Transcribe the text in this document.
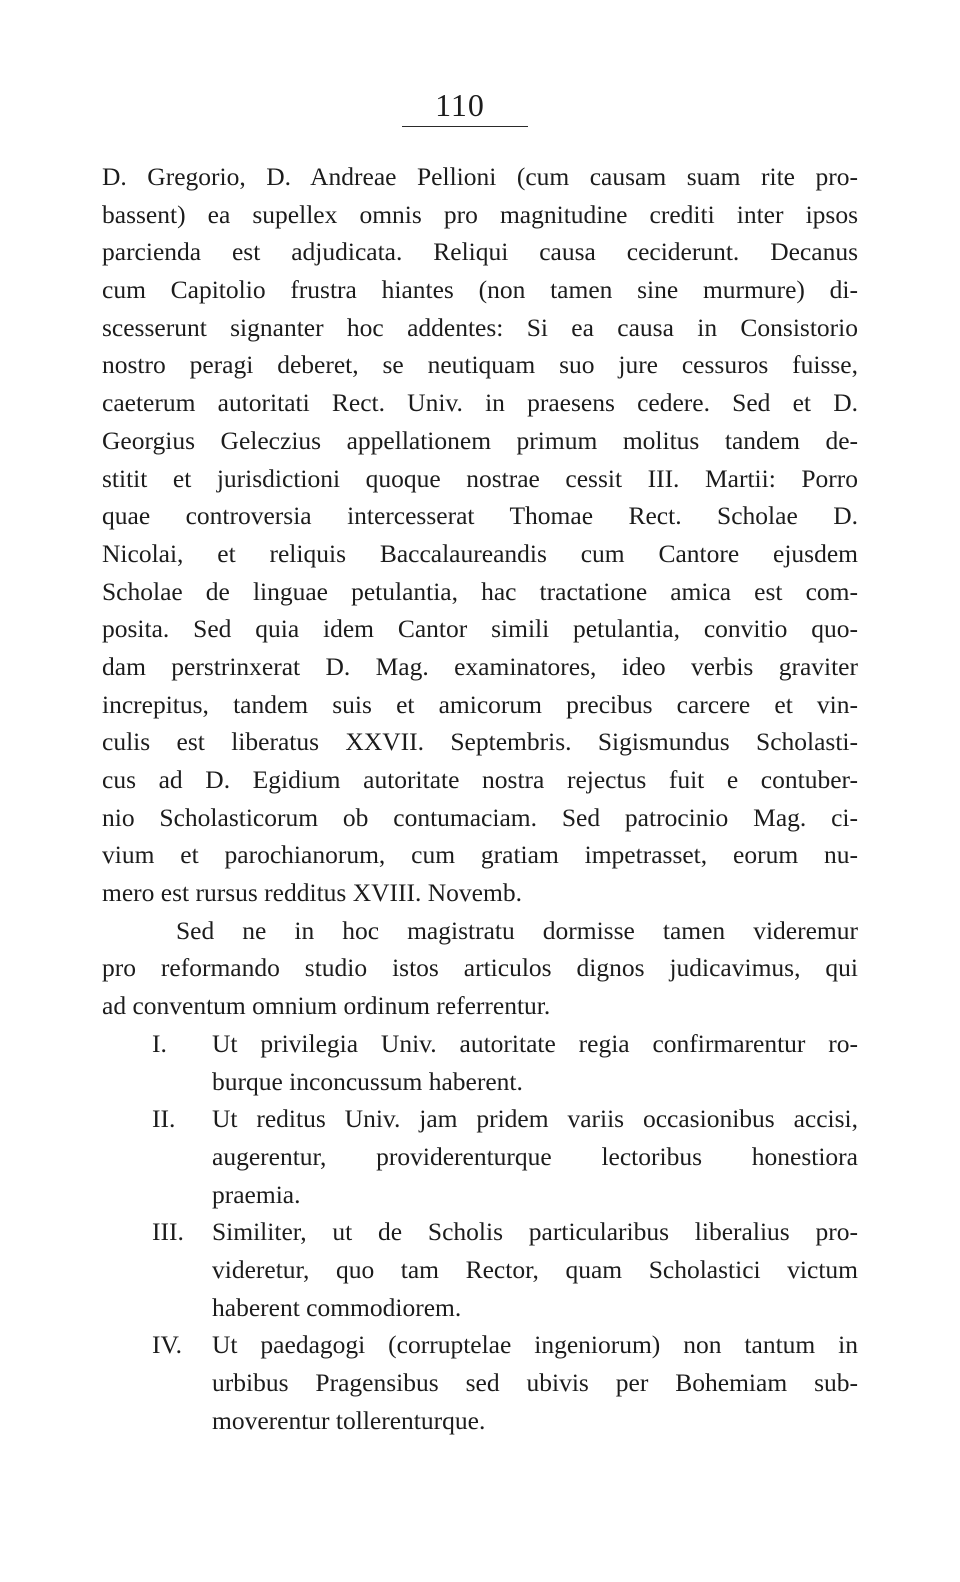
110
D. Gregorio, D. Andreae Pellioni (cum causam suam rite pro-
bassent) ea supellex omnis pro magnitudine crediti inter ipsos
parcienda est adjudicata. Reliqui causa ceciderunt. Decanus
cum Capitolio frustra hiantes (non tamen sine murmure) di-
scesserunt signanter hoc addentes: Si ea causa in Consistorio
nostro peragi deberet, se neutiquam suo jure cessuros fuisse,
caeterum autoritati Rect. Univ. in praesens cedere. Sed et D.
Georgius Geleczius appellationem primum molitus tandem de-
stitit et jurisdictioni quoque nostrae cessit III. Martii: Porro
quae controversia intercesserat Thomae Rect. Scholae D.
Nicolai, et reliquis Baccalaureandis cum Cantore ejusdem
Scholae de linguae petulantia, hac tractatione amica est com-
posita. Sed quia idem Cantor simili petulantia, convitio quo-
dam perstrinxerat D. Mag. examinatores, ideo verbis graviter
increpitus, tandem suis et amicorum precibus carcere et vin-
culis est liberatus XXVII. Septembris. Sigismundus Scholasti-
cus ad D. Egidium autoritate nostra rejectus fuit e contuber-
nio Scholasticorum ob contumaciam. Sed patrocinio Mag. ci-
vium et parochianorum, cum gratiam impetrasset, eorum nu-
mero est rursus redditus XVIII. Novemb.
Sed ne in hoc magistratu dormisse tamen videremur
pro reformando studio istos articulos dignos judicavimus, qui
ad conventum omnium ordinum referrentur.
I.	Ut privilegia Univ. autoritate regia confirmarentur ro-
burque inconcussum haberent.
II.	Ut reditus Univ. jam pridem variis occasionibus accisi,
augerentur, providerenturque lectoribus honestiora
praemia.
III.	Similiter, ut de Scholis particularibus liberalius pro-
videretur, quo tam Rector, quam Scholastici victum
haberent commodiorem.
IV.	Ut paedagogi (corruptelae ingeniorum) non tantum in
urbibus Pragensibus sed ubivis per Bohemiam sub-
moverentur tollerenturque.
